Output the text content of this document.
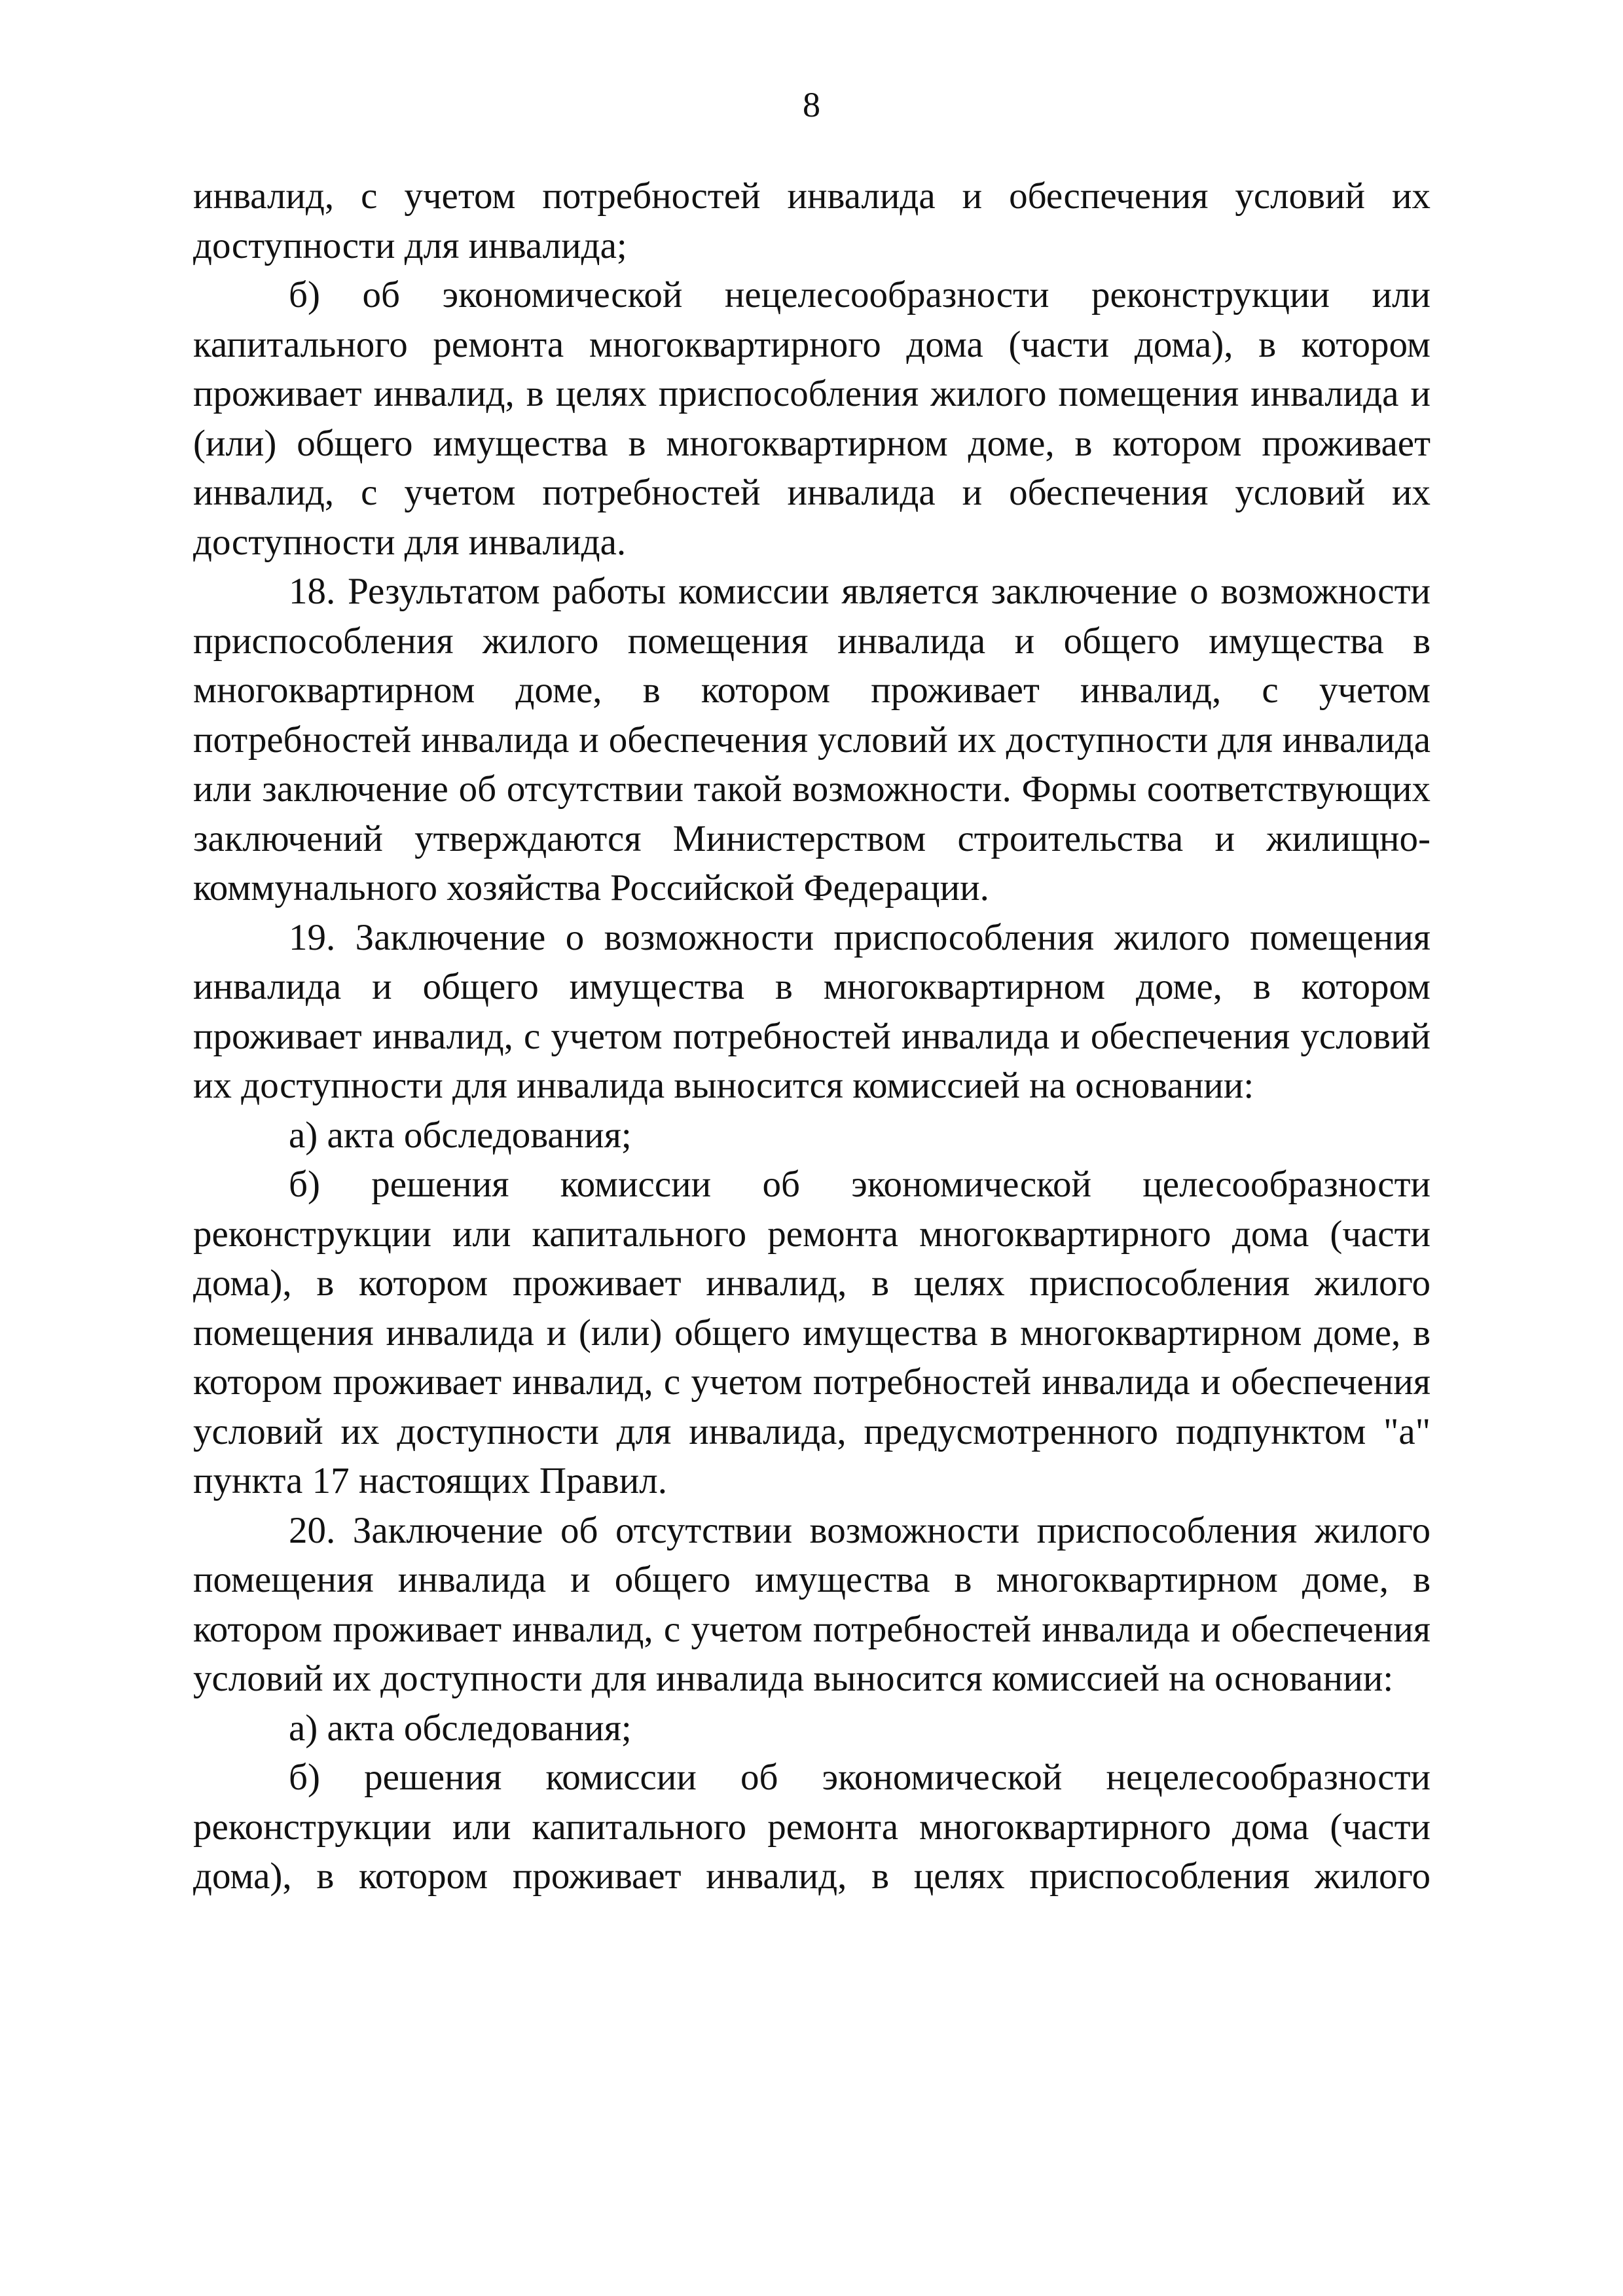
8

инвалид, с учетом потребностей инвалида и обеспечения условий их доступности для инвалида;

б) об экономической нецелесообразности реконструкции или капитального ремонта многоквартирного дома (части дома), в котором проживает инвалид, в целях приспособления жилого помещения инвалида и (или) общего имущества в многоквартирном доме, в котором проживает инвалид, с учетом потребностей инвалида и обеспечения условий их доступности для инвалида.

18. Результатом работы комиссии является заключение о возможности приспособления жилого помещения инвалида и общего имущества в многоквартирном доме, в котором проживает инвалид, с учетом потребностей инвалида и обеспечения условий их доступности для инвалида или заключение об отсутствии такой возможности. Формы соответствующих заключений утверждаются Министерством строительства и жилищно-коммунального хозяйства Российской Федерации.

19. Заключение о возможности приспособления жилого помещения инвалида и общего имущества в многоквартирном доме, в котором проживает инвалид, с учетом потребностей инвалида и обеспечения условий их доступности для инвалида выносится комиссией на основании:

а) акта обследования;

б) решения комиссии об экономической целесообразности реконструкции или капитального ремонта многоквартирного дома (части дома), в котором проживает инвалид, в целях приспособления жилого помещения инвалида и (или) общего имущества в многоквартирном доме, в котором проживает инвалид, с учетом потребностей инвалида и обеспечения условий их доступности для инвалида, предусмотренного подпунктом "а" пункта 17 настоящих Правил.

20. Заключение об отсутствии возможности приспособления жилого помещения инвалида и общего имущества в многоквартирном доме, в котором проживает инвалид, с учетом потребностей инвалида и обеспечения условий их доступности для инвалида выносится комиссией на основании:

а) акта обследования;

б) решения комиссии об экономической нецелесообразности реконструкции или капитального ремонта многоквартирного дома (части дома), в котором проживает инвалид, в целях приспособления жилого
